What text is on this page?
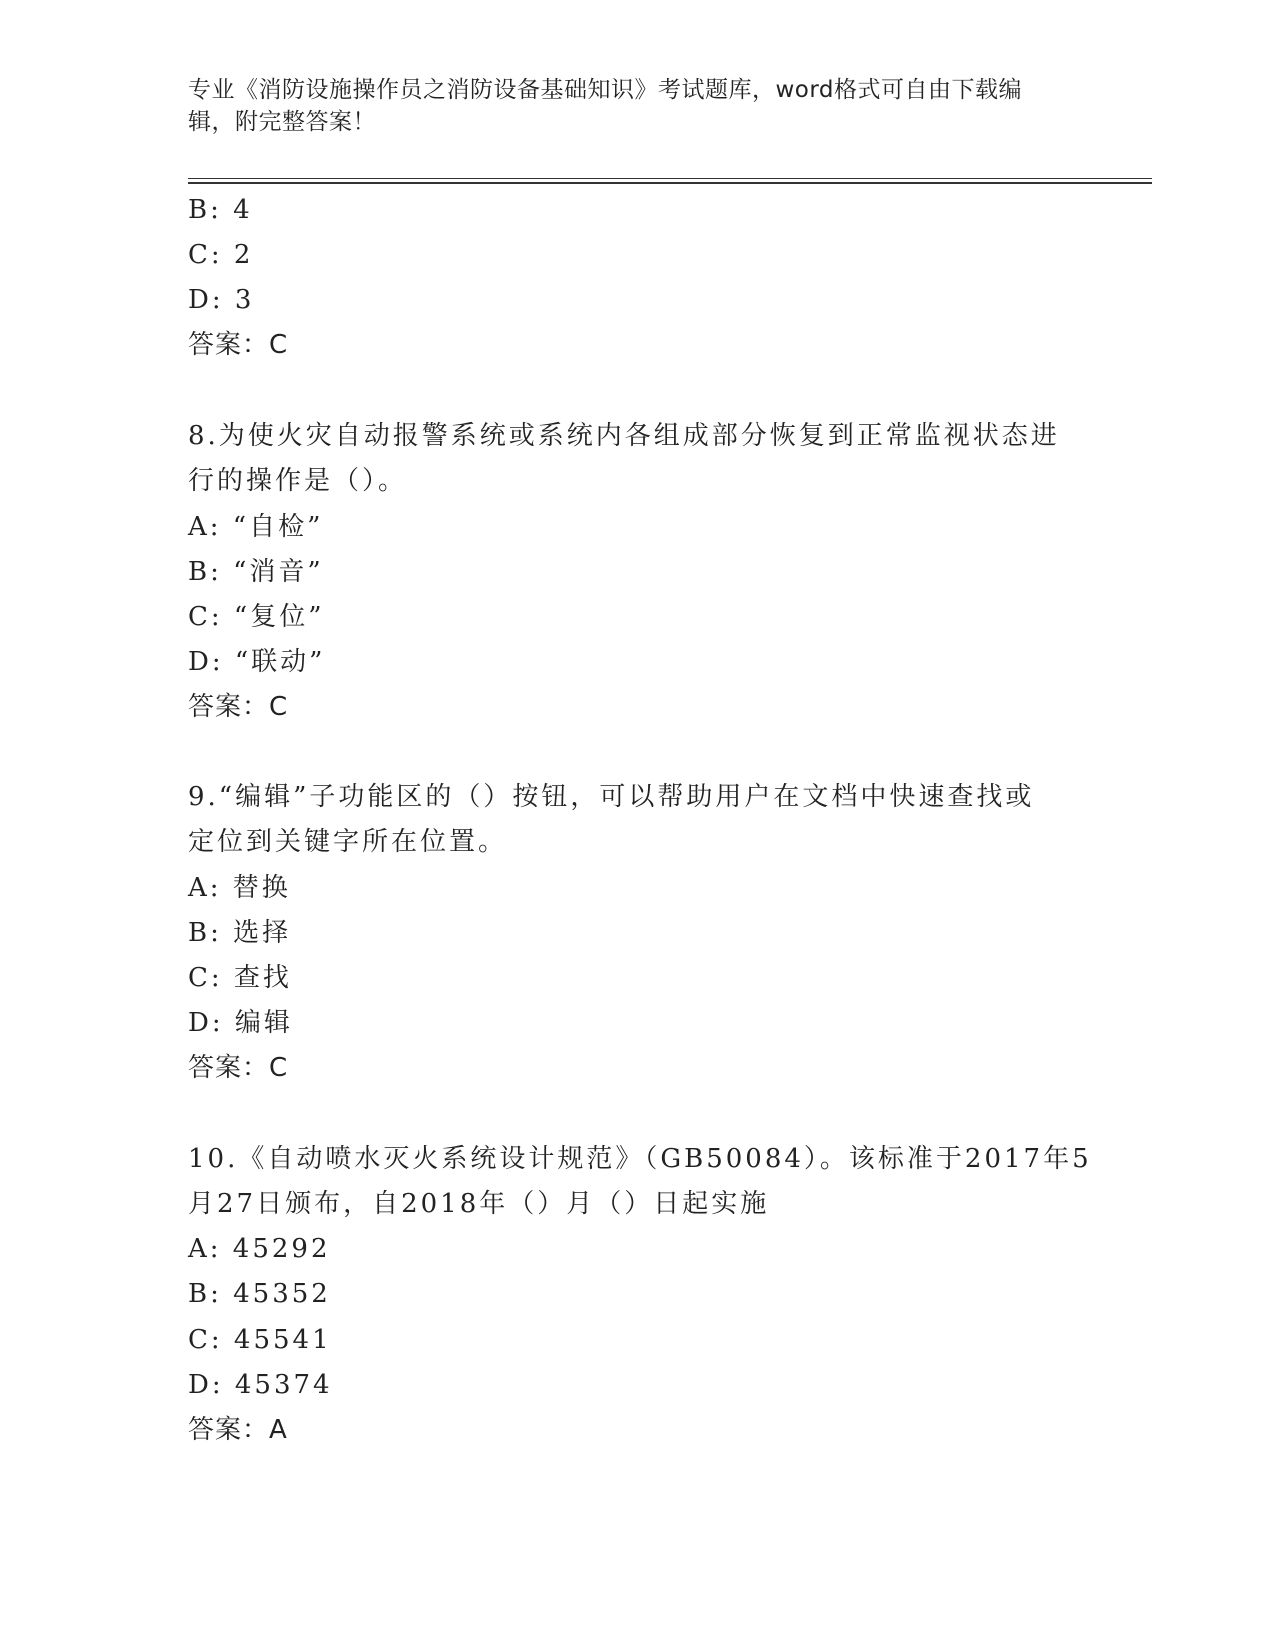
专业《消防设施操作员之消防设备基础知识》考试题库，word格式可自由下载编
辑，附完整答案！
B: 4
C: 2
D: 3
答案：C
8.为使火灾自动报警系统或系统内各组成部分恢复到正常监视状态进
行的操作是（）。
A: “自检”
B: “消音”
C: “复位”
D: “联动”
答案：C
9.“编辑”子功能区的（）按钮，可以帮助用户在文档中快速查找或
定位到关键字所在位置。
A: 替换
B: 选择
C: 查找
D: 编辑
答案：C
10.《自动喷水灭火系统设计规范》（GB50084）。该标准于2017年5
月27日颁布，自2018年（）月（）日起实施
A: 45292
B: 45352
C: 45541
D: 45374
答案：A
